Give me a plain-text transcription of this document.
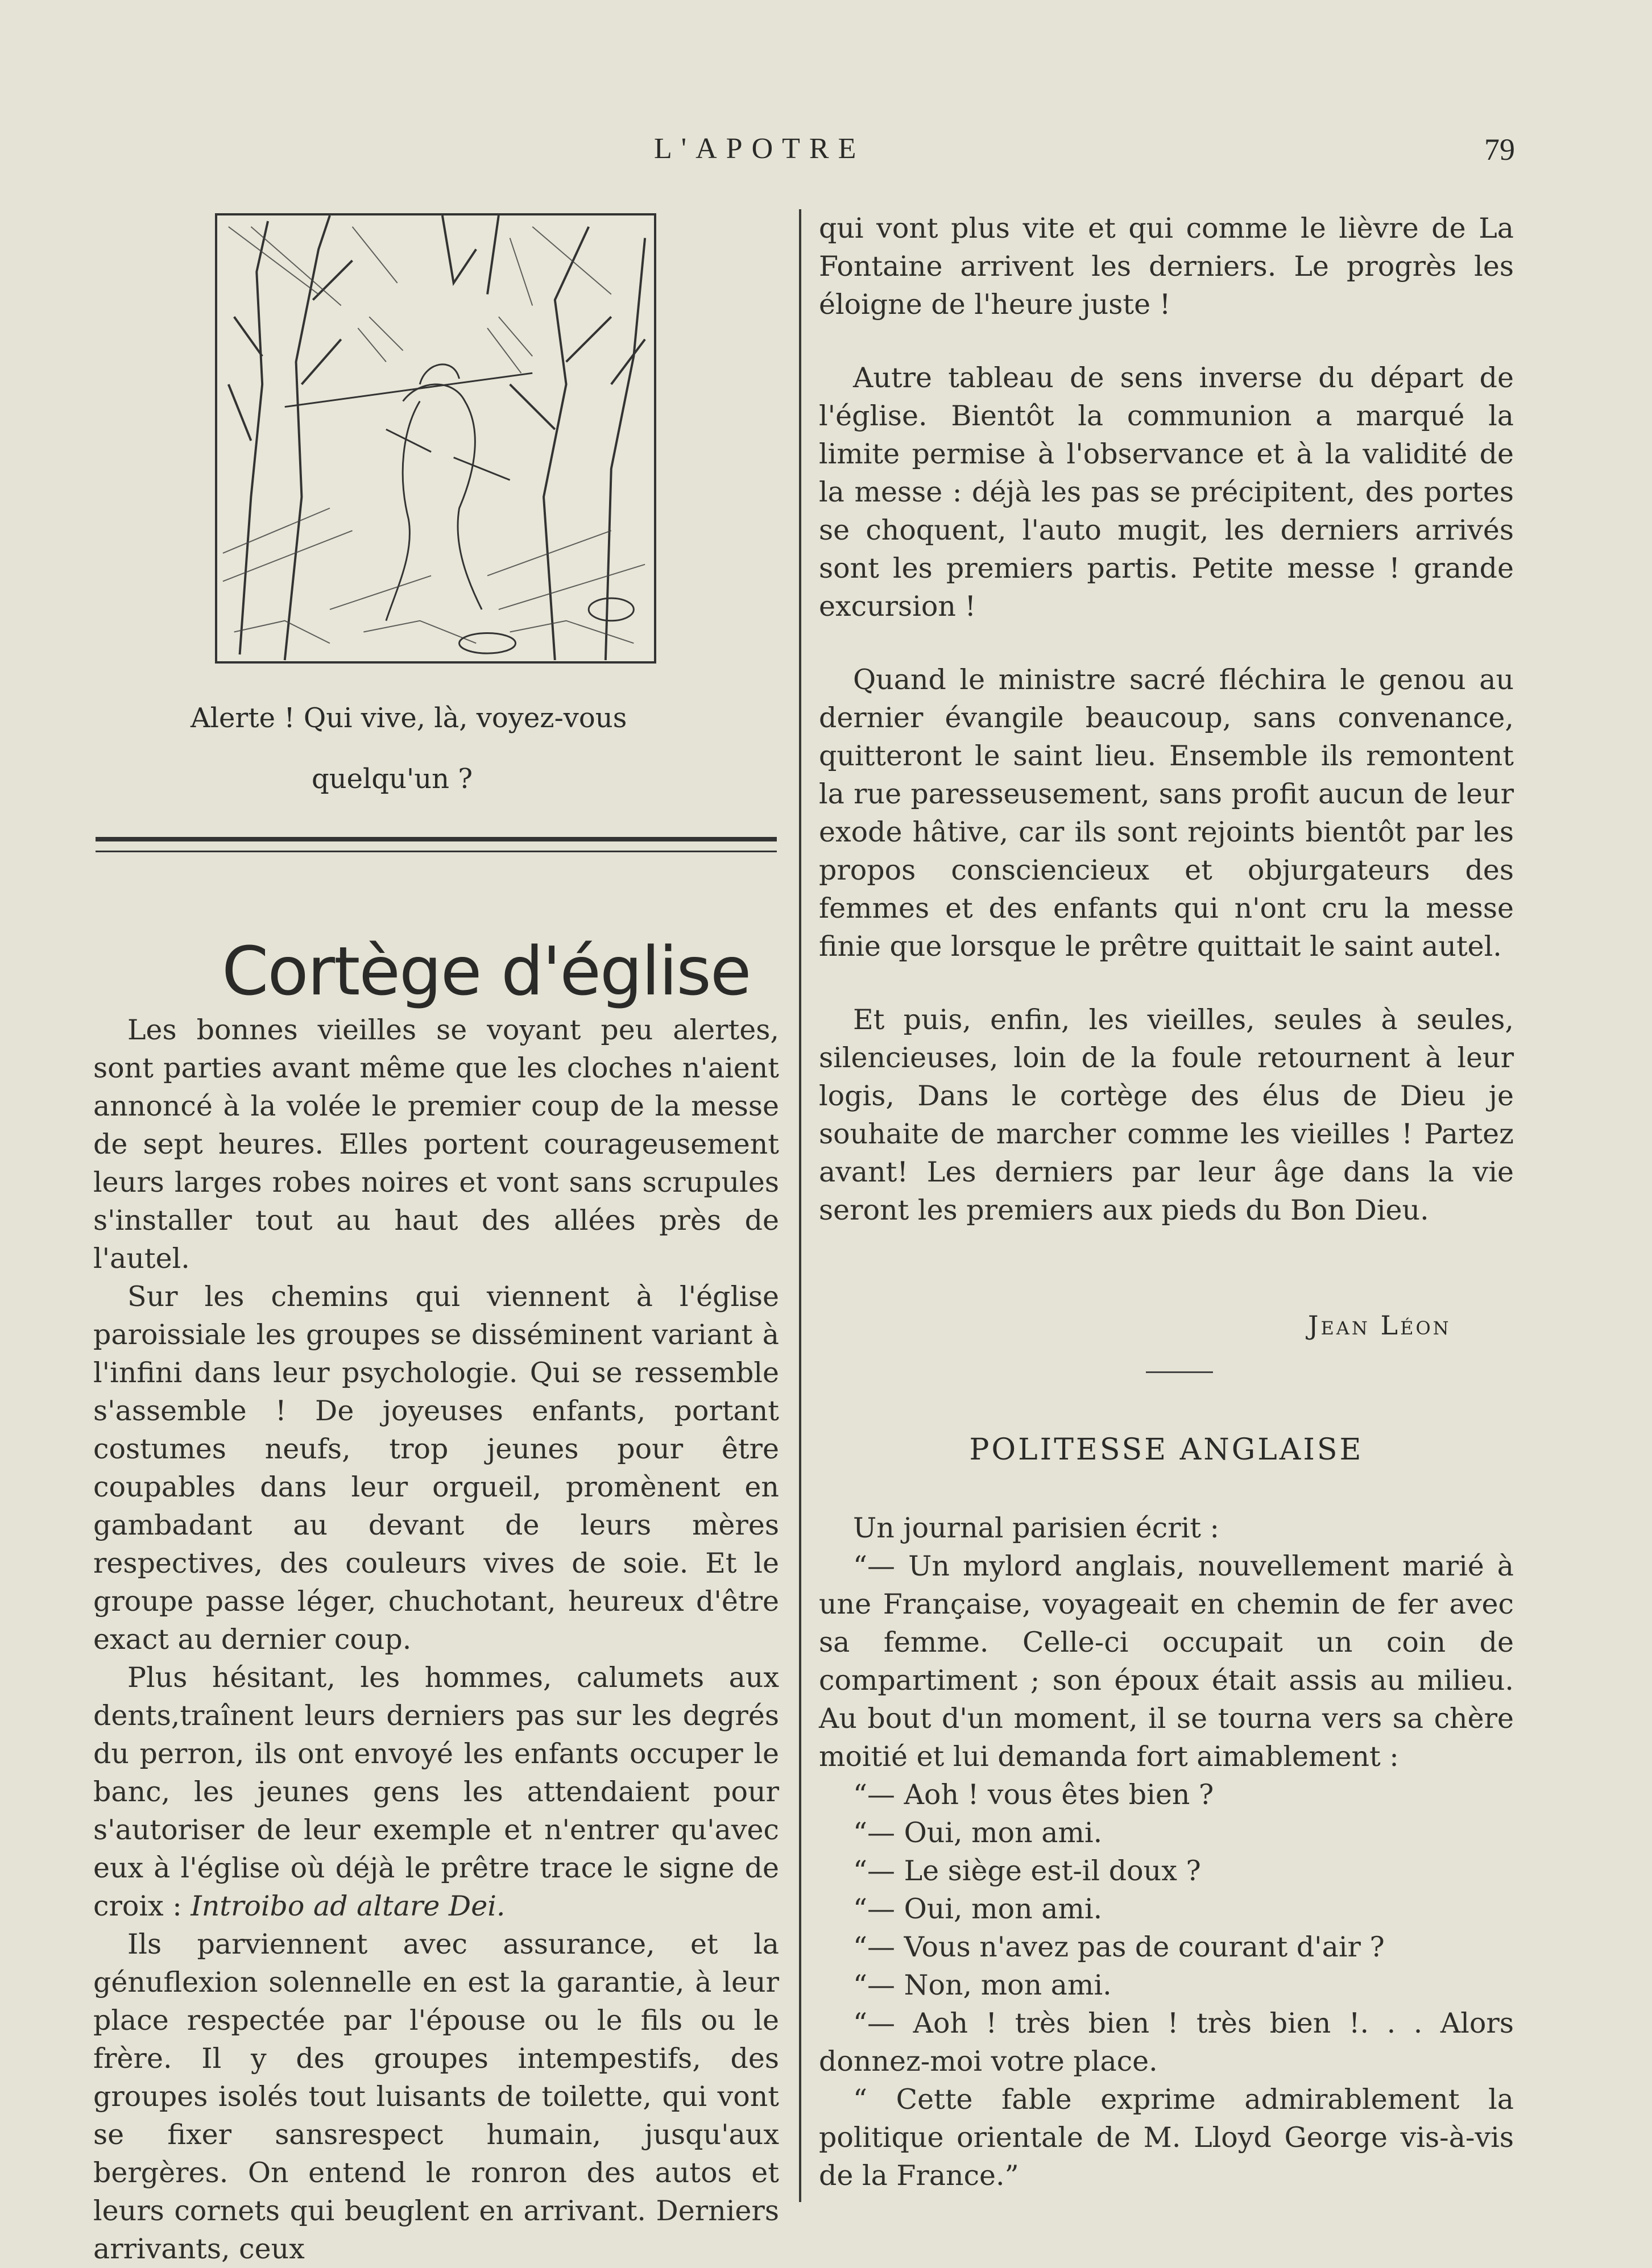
L'APOTRE	79
Alerte ! Qui vive, là, voyez-vous
quelqu'un ?
Cortège d'église

Les bonnes vieilles se voyant peu alertes, sont parties avant même que les cloches n'aient annoncé à la volée le premier coup de la messe de sept heures. Elles portent courageusement leurs larges robes noires et vont sans scrupules s'installer tout au haut des allées près de l'autel.

Sur les chemins qui viennent à l'église paroissiale les groupes se disséminent variant à l'infini dans leur psychologie. Qui se ressemble s'assemble ! De joyeuses enfants, portant costumes neufs, trop jeunes pour être coupables dans leur orgueil, promènent en gambadant au devant de leurs mères respectives, des couleurs vives de soie. Et le groupe passe léger, chuchotant, heureux d'être exact au dernier coup.

Plus hésitant, les hommes, calumets aux dents,traînent leurs derniers pas sur les degrés du perron, ils ont envoyé les enfants occuper le banc, les jeunes gens les attendaient pour s'autoriser de leur exemple et n'entrer qu'avec eux à l'église où déjà le prêtre trace le signe de croix : Introibo ad altare Dei.

Ils parviennent avec assurance, et la génuflexion solennelle en est la garantie, à leur place respectée par l'épouse ou le fils ou le frère. Il y des groupes intempestifs, des groupes isolés tout luisants de toilette, qui vont se fixer sansrespect humain, jusqu'aux bergères. On entend le ronron des autos et leurs cornets qui beuglent en arrivant. Derniers arrivants, ceux

qui vont plus vite et qui comme le lièvre de La Fontaine arrivent les derniers. Le progrès les éloigne de l'heure juste !

Autre tableau de sens inverse du départ de l'église. Bientôt la communion a marqué la limite permise à l'observance et à la validité de la messe : déjà les pas se précipitent, des portes se choquent, l'auto mugit, les derniers arrivés sont les premiers partis. Petite messe ! grande excursion !

Quand le ministre sacré fléchira le genou au dernier évangile beaucoup, sans convenance, quitteront le saint lieu. Ensemble ils remontent la rue paresseusement, sans profit aucun de leur exode hâtive, car ils sont rejoints bientôt par les propos consciencieux et objurgateurs des femmes et des enfants qui n'ont cru la messe finie que lorsque le prêtre quittait le saint autel.

Et puis, enfin, les vieilles, seules à seules, silencieuses, loin de la foule retournent à leur logis, Dans le cortège des élus de Dieu je souhaite de marcher comme les vieilles ! Partez avant! Les derniers par leur âge dans la vie seront les premiers aux pieds du Bon Dieu.

Jean Léon
POLITESSE ANGLAISE

Un journal parisien écrit :

“— Un mylord anglais, nouvellement marié à une Française, voyageait en chemin de fer avec sa femme. Celle-ci occupait un coin de compartiment ; son époux était assis au milieu. Au bout d'un moment, il se tourna vers sa chère moitié et lui demanda fort aimablement :

“— Aoh ! vous êtes bien ?

“— Oui, mon ami.

“— Le siège est-il doux ?

“— Oui, mon ami.

“— Vous n'avez pas de courant d'air ?

“— Non, mon ami.

“— Aoh ! très bien ! très bien !. . . Alors donnez-moi votre place.

“ Cette fable exprime admirablement la politique orientale de M. Lloyd George vis-à-vis de la France.”
